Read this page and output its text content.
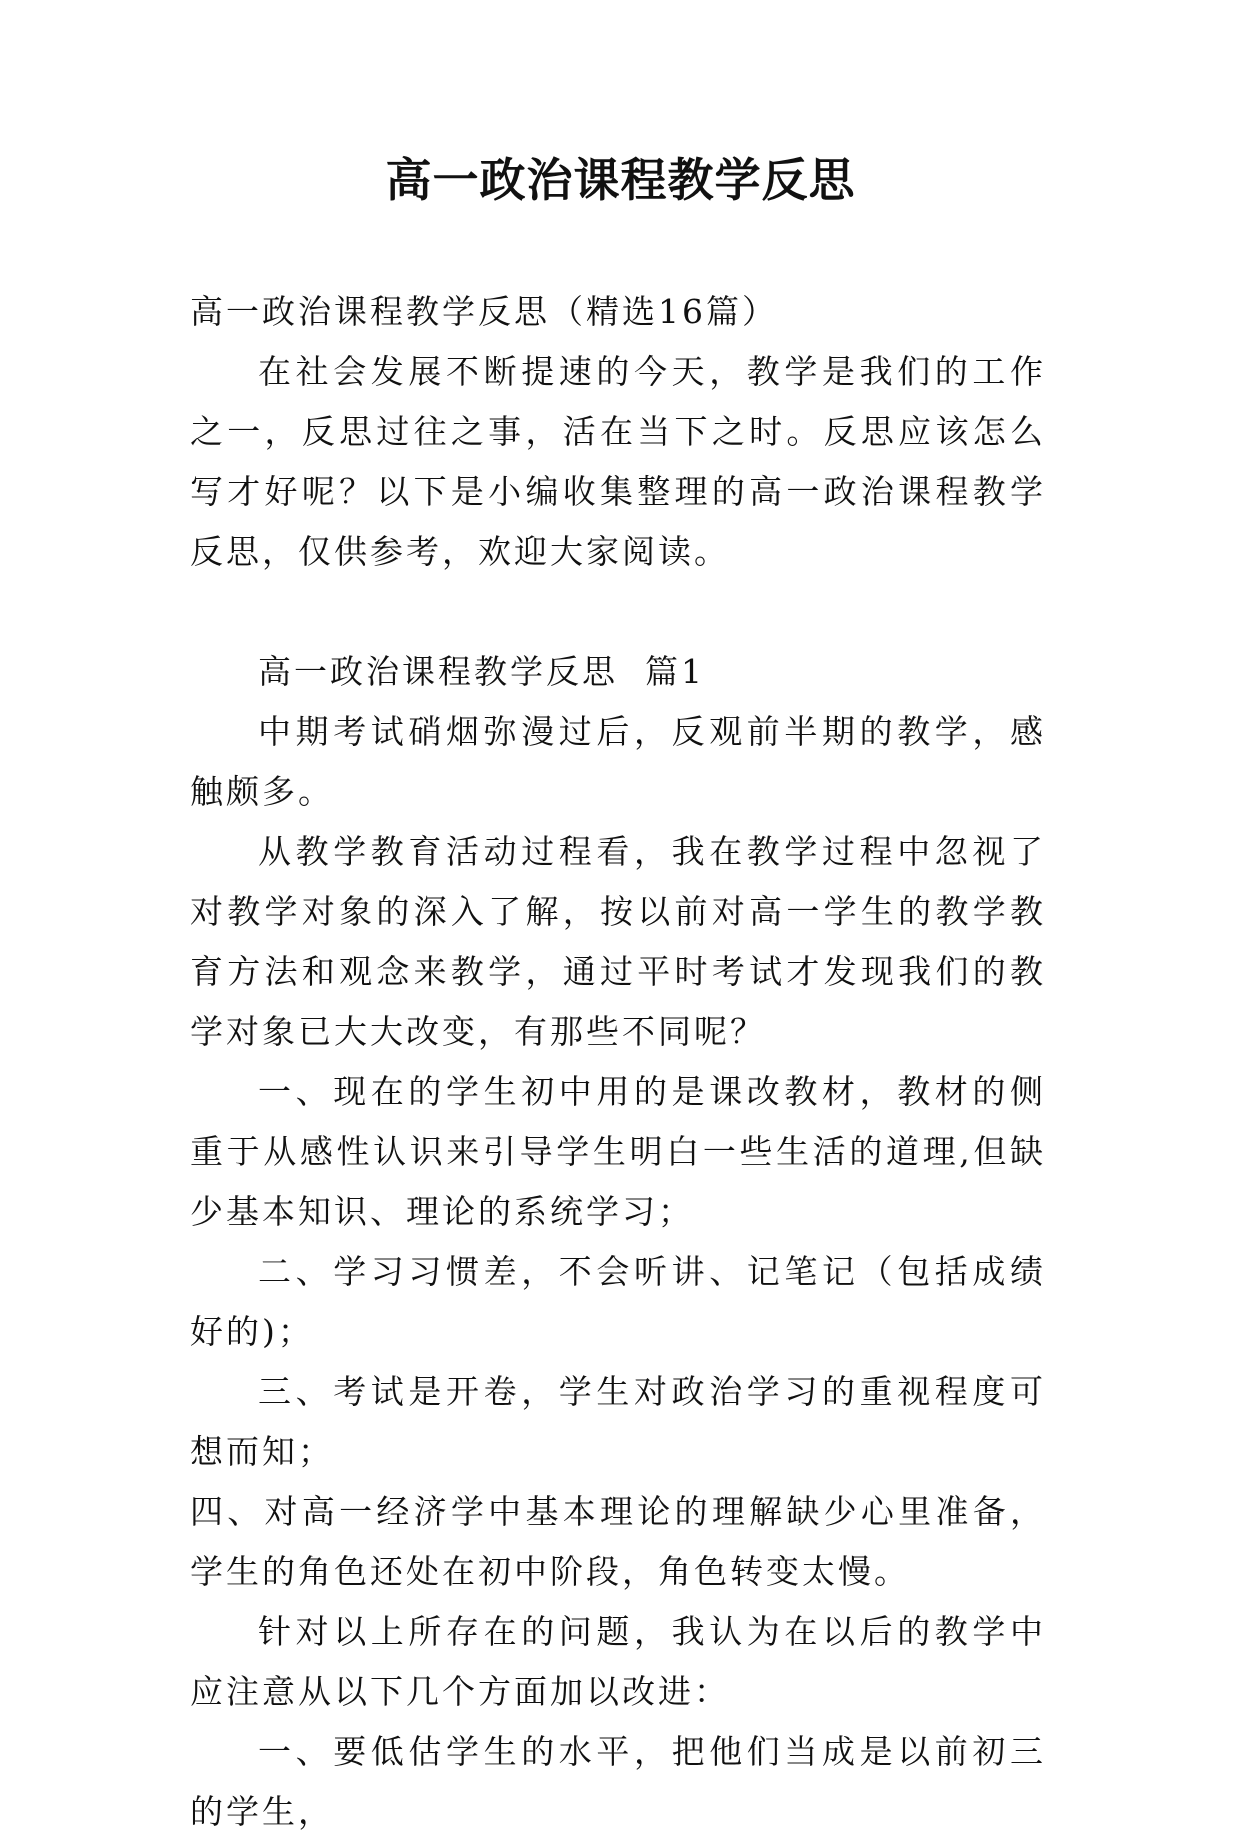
高一政治课程教学反思

高一政治课程教学反思（精选16篇）

在社会发展不断提速的今天，教学是我们的工作之一，反思过往之事，活在当下之时。反思应该怎么写才好呢？以下是小编收集整理的高一政治课程教学反思，仅供参考，欢迎大家阅读。

高一政治课程教学反思  篇1

中期考试硝烟弥漫过后，反观前半期的教学，感触颇多。

从教学教育活动过程看，我在教学过程中忽视了对教学对象的深入了解，按以前对高一学生的教学教育方法和观念来教学，通过平时考试才发现我们的教学对象已大大改变，有那些不同呢？

一、现在的学生初中用的是课改教材，教材的侧重于从感性认识来引导学生明白一些生活的道理,但缺少基本知识、理论的系统学习；

二、学习习惯差，不会听讲、记笔记（包括成绩好的)；

三、考试是开卷，学生对政治学习的重视程度可想而知；

四、对高一经济学中基本理论的理解缺少心里准备，学生的角色还处在初中阶段，角色转变太慢。

针对以上所存在的问题，我认为在以后的教学中应注意从以下几个方面加以改进：

一、要低估学生的水平，把他们当成是以前初三的学生，
